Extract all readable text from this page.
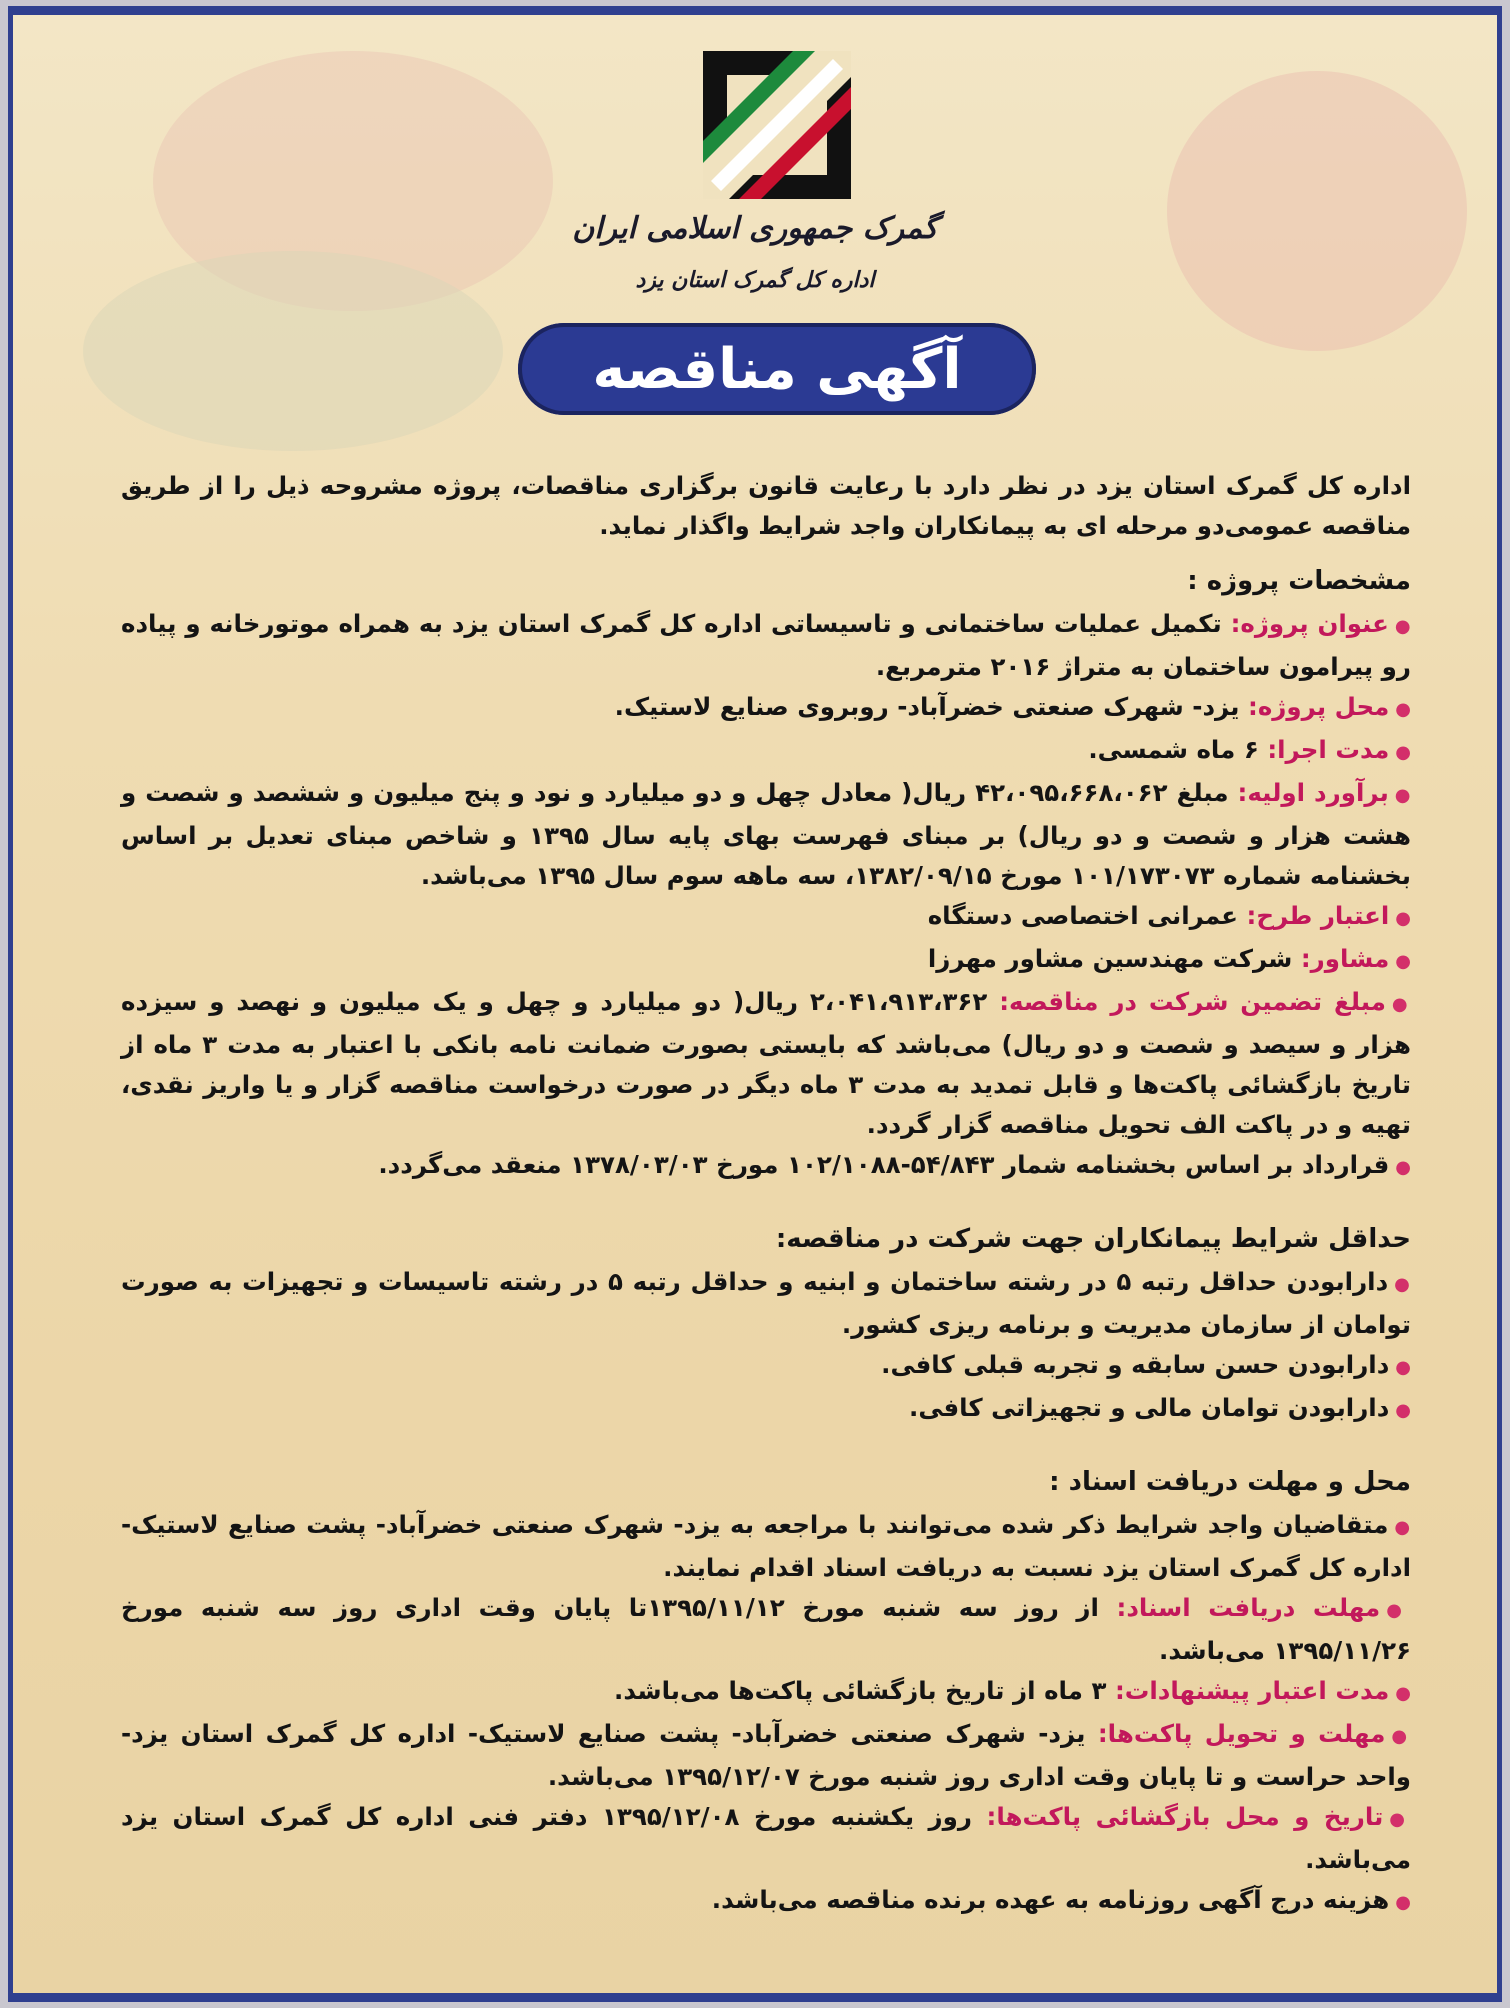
گمرک جمهوری اسلامی ایران
اداره کل گمرک استان یزد
آگهی مناقصه

اداره کل گمرک استان یزد در نظر دارد با رعایت قانون برگزاری مناقصات، پروژه مشروحه ذیل را از طریق مناقصه عمومی‌دو مرحله ای به پیمانکاران واجد شرایط واگذار نماید.

مشخصات پروژه :

● عنوان پروژه: تکمیل عملیات ساختمانی و تاسیساتی اداره کل گمرک استان یزد به همراه موتورخانه و پیاده رو پیرامون ساختمان به متراژ ۲۰۱۶ مترمربع.

● محل پروژه: یزد- شهرک صنعتی خضرآباد- روبروی صنایع لاستیک.

● مدت اجرا: ۶ ماه شمسی.

● برآورد اولیه: مبلغ ۴۲،۰۹۵،۶۶۸،۰۶۲ ریال( معادل چهل و دو میلیارد و نود و پنج میلیون و ششصد و شصت و هشت هزار و شصت و دو ریال) بر مبنای فهرست بهای پایه سال ۱۳۹۵ و شاخص مبنای تعدیل بر اساس بخشنامه شماره ۱۰۱/۱۷۳۰۷۳ مورخ ۱۳۸۲/۰۹/۱۵، سه ماهه سوم سال ۱۳۹۵ می‌باشد.

● اعتبار طرح: عمرانی اختصاصی دستگاه

● مشاور: شرکت مهندسین مشاور مهرزا

● مبلغ تضمین شرکت در مناقصه: ۲،۰۴۱،۹۱۳،۳۶۲ ریال( دو میلیارد و چهل و یک میلیون و نهصد و سیزده هزار و سیصد و شصت و دو ریال) می‌باشد که بایستی بصورت ضمانت نامه بانکی با اعتبار به مدت ۳ ماه از تاریخ بازگشائی پاکت‌ها و قابل تمدید به مدت ۳ ماه دیگر در صورت درخواست مناقصه گزار و یا واریز نقدی، تهیه و در پاکت الف تحویل مناقصه گزار گردد.

● قرارداد بر اساس بخشنامه شمار ۵۴/۸۴۳-۱۰۲/۱۰۸۸ مورخ ۱۳۷۸/۰۳/۰۳ منعقد می‌گردد.

حداقل شرایط پیمانکاران جهت شرکت در مناقصه:

● دارابودن حداقل رتبه ۵ در رشته ساختمان و ابنیه و حداقل رتبه ۵ در رشته تاسیسات و تجهیزات به صورت توامان از سازمان مدیریت و برنامه ریزی کشور.

● دارابودن حسن سابقه و تجربه قبلی کافی.

● دارابودن توامان مالی و تجهیزاتی کافی.

محل و مهلت دریافت اسناد :

● متقاضیان واجد شرایط ذکر شده می‌توانند با مراجعه به یزد- شهرک صنعتی خضرآباد- پشت صنایع لاستیک-اداره کل گمرک استان یزد نسبت به دریافت اسناد اقدام نمایند.

● مهلت دریافت اسناد: از روز سه شنبه مورخ ۱۳۹۵/۱۱/۱۲تا پایان وقت اداری روز سه شنبه مورخ ۱۳۹۵/۱۱/۲۶ می‌باشد.

● مدت اعتبار پیشنهادات: ۳ ماه از تاریخ بازگشائی پاکت‌ها می‌باشد.

● مهلت و تحویل پاکت‌ها: یزد- شهرک صنعتی خضرآباد- پشت صنایع لاستیک- اداره کل گمرک استان یزد- واحد حراست و تا پایان وقت اداری روز شنبه مورخ ۱۳۹۵/۱۲/۰۷ می‌باشد.

● تاریخ و محل بازگشائی پاکت‌ها: روز یکشنبه مورخ ۱۳۹۵/۱۲/۰۸ دفتر فنی اداره کل گمرک استان یزد می‌باشد.

● هزینه درج آگهی روزنامه به عهده برنده مناقصه می‌باشد.
